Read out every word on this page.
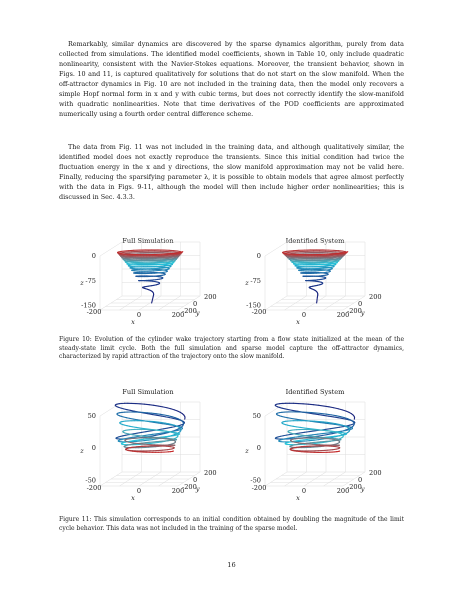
Remarkably, similar dynamics are discovered by the sparse dynamics algorithm, purely from data collected from simulations. The identified model coefficients, shown in Table 10, only include quadratic nonlinearity, consistent with the Navier-Stokes equations. Moreover, the transient behavior, shown in Figs. 10 and 11, is captured qualitatively for solutions that do not start on the slow manifold. When the off-attractor dynamics in Fig. 10 are not included in the training data, then the model only recovers a simple Hopf normal form in x and y with cubic terms, but does not correctly identify the slow-manifold with quadratic nonlinearities. Note that time derivatives of the POD coefficients are approximated numerically using a fourth order central difference scheme.

The data from Fig. 11 was not included in the training data, and although qualitatively similar, the identified model does not exactly reproduce the transients. Since this initial condition had twice the fluctuation energy in the x and y directions, the slow manifold approximation may not be valid here. Finally, reducing the sparsifying parameter λ, it is possible to obtain models that agree almost perfectly with the data in Figs. 9-11, although the model will then include higher order nonlinearities; this is discussed in Sec. 4.3.3.

Full Simulation	Identified System
0
-75
-150
z
-200	0	200
x
200
0
-200
y
0
-75
-150
z
-200	0	200
x
200
0
-200
y

Figure 10: Evolution of the cylinder wake trajectory starting from a flow state initialized at the mean of the steady-state limit cycle. Both the full simulation and sparse model capture the off-attractor dynamics, characterized by rapid attraction of the trajectory onto the slow manifold.

Full Simulation	Identified System
50
0
-50
z
-200	0	200
x
200
0
-200
y
50
0
-50
z
-200	0	200
x
200
0
-200
y

Figure 11: This simulation corresponds to an initial condition obtained by doubling the magnitude of the limit cycle behavior. This data was not included in the training of the sparse model.

16
